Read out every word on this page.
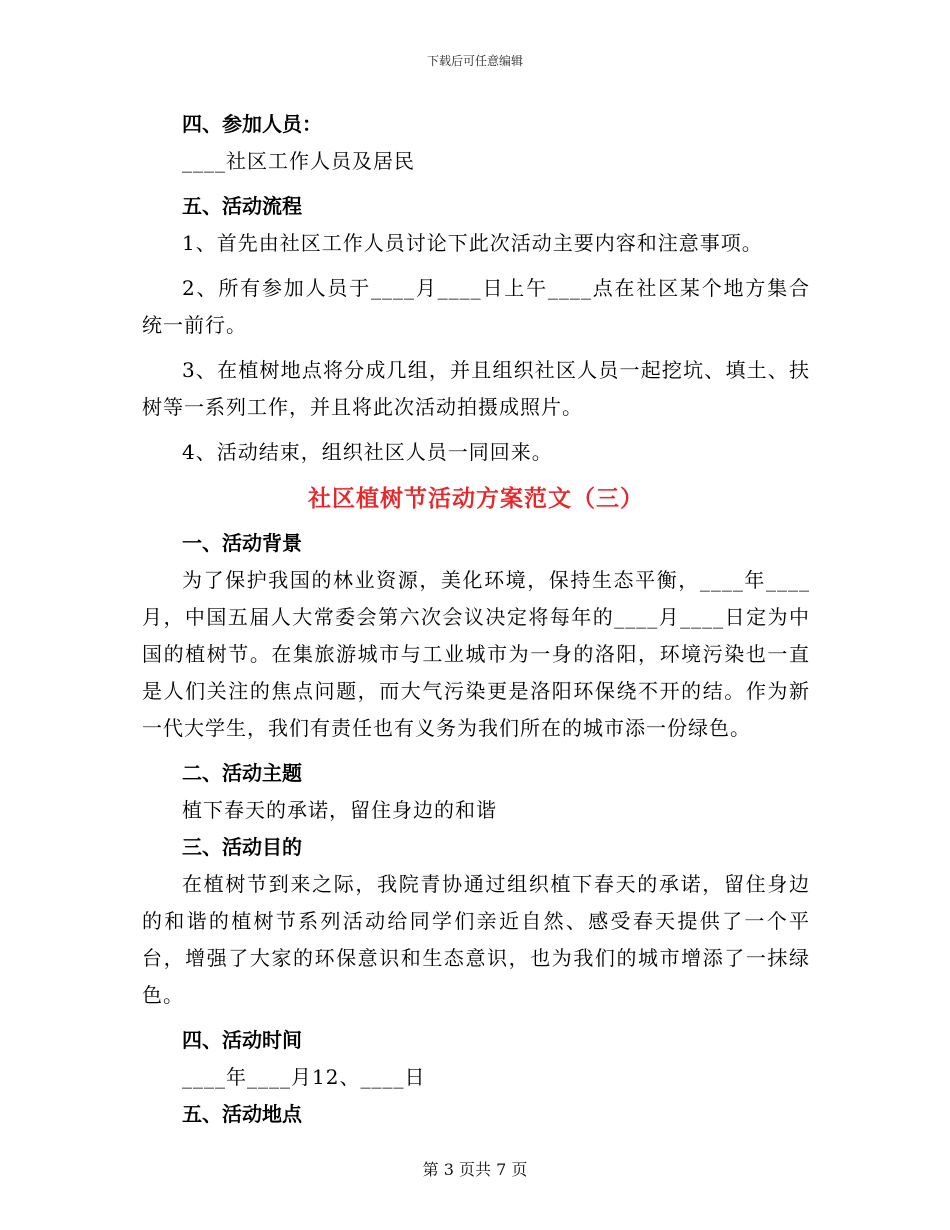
下载后可任意编辑
四、参加人员：

____社区工作人员及居民

五、活动流程

1、首先由社区工作人员讨论下此次活动主要内容和注意事项。

2、所有参加人员于____月____日上午____点在社区某个地方集合统一前行。

3、在植树地点将分成几组，并且组织社区人员一起挖坑、填土、扶树等一系列工作，并且将此次活动拍摄成照片。

4、活动结束，组织社区人员一同回来。

社区植树节活动方案范文（三）
一、活动背景

为了保护我国的林业资源，美化环境，保持生态平衡，____年____月，中国五届人大常委会第六次会议决定将每年的____月____日定为中国的植树节。在集旅游城市与工业城市为一身的洛阳，环境污染也一直是人们关注的焦点问题，而大气污染更是洛阳环保绕不开的结。作为新一代大学生，我们有责任也有义务为我们所在的城市添一份绿色。

二、活动主题

植下春天的承诺，留住身边的和谐

三、活动目的

在植树节到来之际，我院青协通过组织植下春天的承诺，留住身边的和谐的植树节系列活动给同学们亲近自然、感受春天提供了一个平台，增强了大家的环保意识和生态意识，也为我们的城市增添了一抹绿色。

四、活动时间

____年____月12、____日

五、活动地点
第 3 页共 7 页
